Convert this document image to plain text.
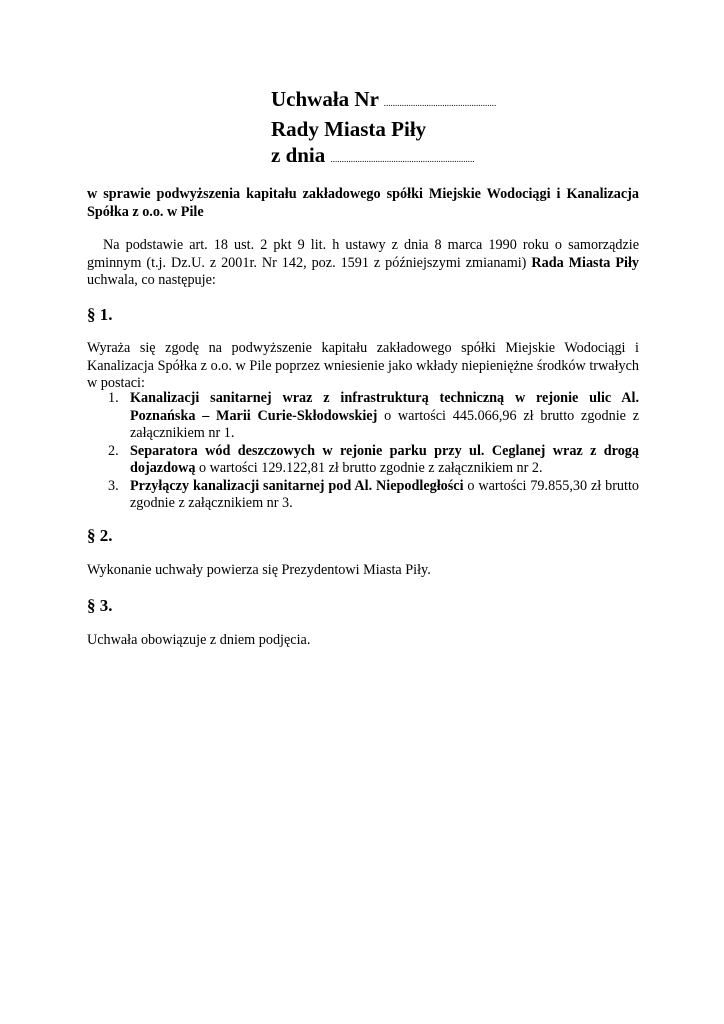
Uchwała Nr ..................................................
Rady Miasta Piły
z dnia ................................................................
w sprawie podwyższenia kapitału zakładowego spółki Miejskie Wodociągi i Kanalizacja Spółka z o.o. w Pile
Na podstawie art. 18 ust. 2 pkt 9 lit. h ustawy z dnia 8 marca 1990 roku o samorządzie gminnym (t.j. Dz.U. z 2001r. Nr 142, poz. 1591 z późniejszymi zmianami) Rada Miasta Piły uchwala, co następuje:
§ 1.
Wyraża się zgodę na podwyższenie kapitału zakładowego spółki Miejskie Wodociągi i Kanalizacja Spółka z o.o. w Pile poprzez wniesienie jako wkłady niepieniężne środków trwałych w postaci:
1. Kanalizacji sanitarnej wraz z infrastrukturą techniczną w rejonie ulic Al. Poznańska – Marii Curie-Skłodowskiej o wartości 445.066,96 zł brutto zgodnie z załącznikiem nr 1.
2. Separatora wód deszczowych w rejonie parku przy ul. Ceglanej wraz z drogą dojazdową o wartości 129.122,81 zł brutto zgodnie z załącznikiem nr 2.
3. Przyłączy kanalizacji sanitarnej pod Al. Niepodległości o wartości 79.855,30 zł brutto zgodnie z załącznikiem nr 3.
§ 2.
Wykonanie uchwały powierza się Prezydentowi Miasta Piły.
§ 3.
Uchwała obowiązuje z dniem podjęcia.
